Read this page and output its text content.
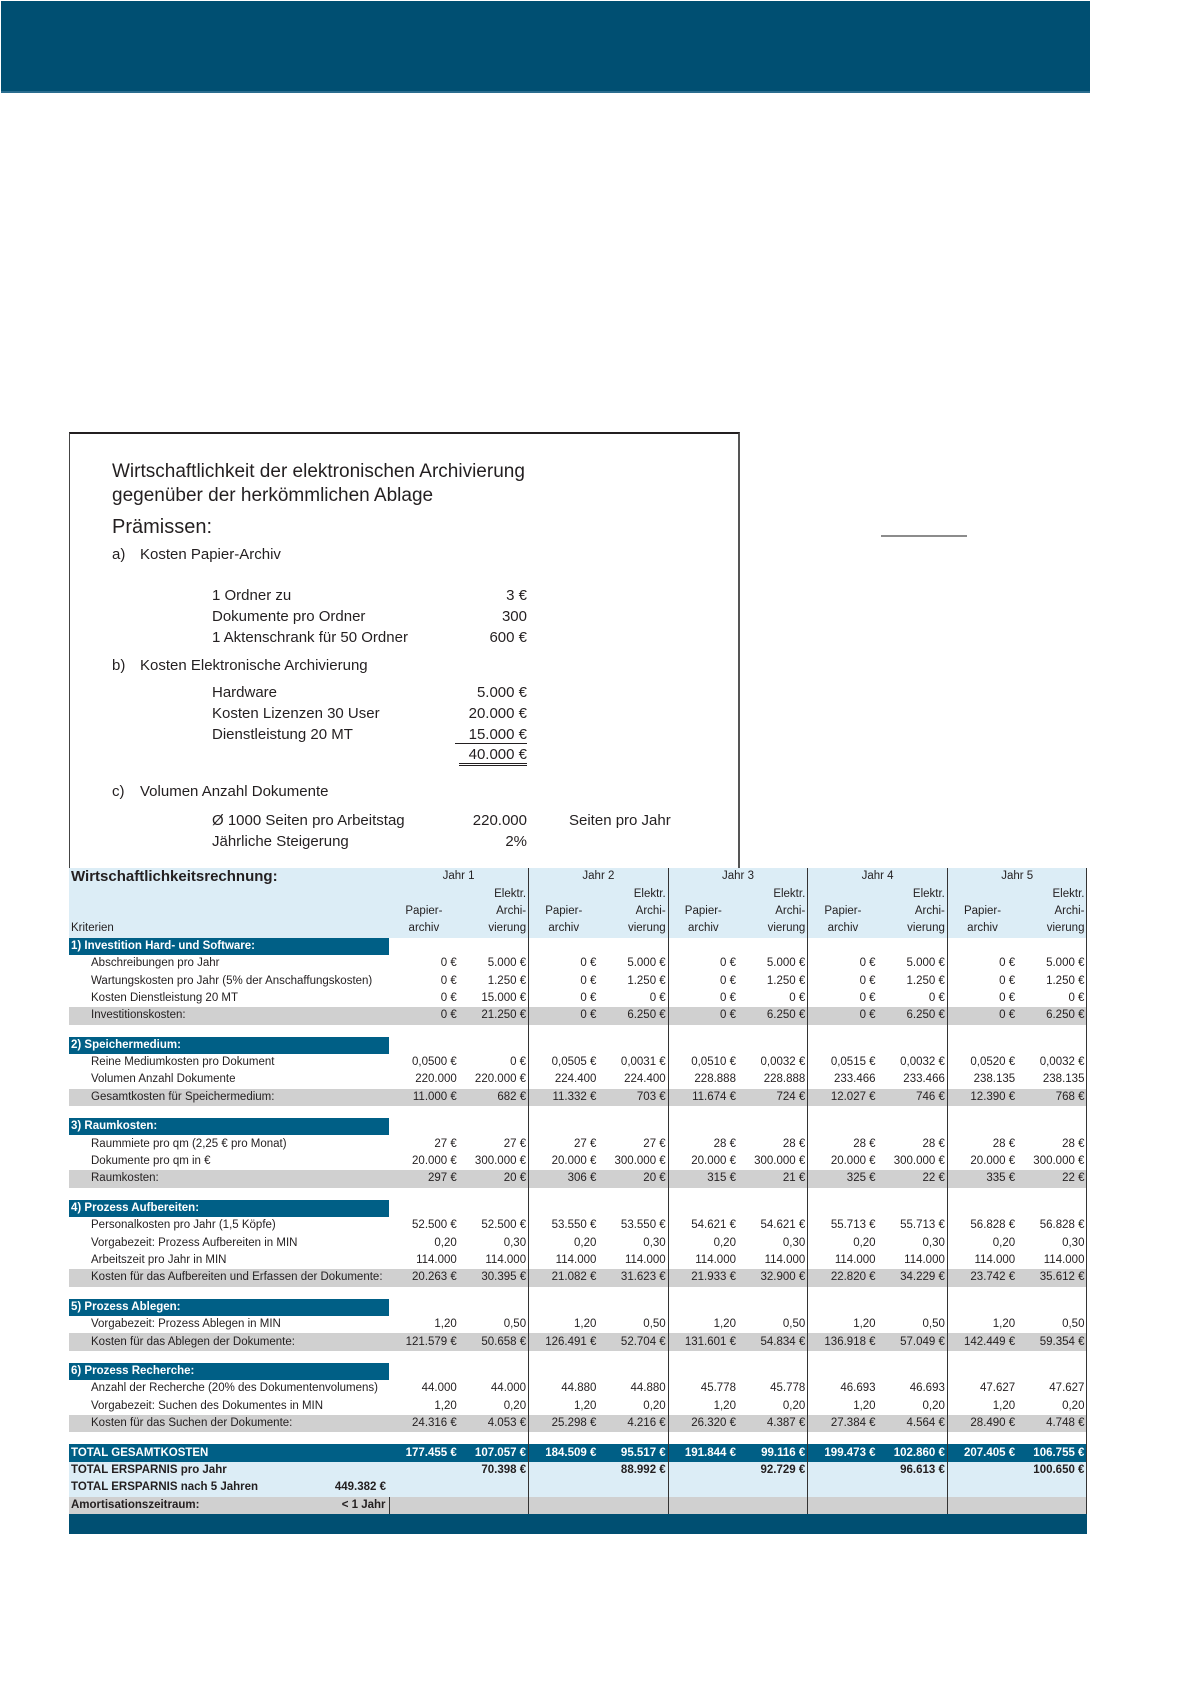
Wirtschaftlichkeit der elektronischen Archivierung
gegenüber der herkömmlichen Ablage
Prämissen:
a) Kosten Papier-Archiv
1 Ordner zu	3 €
Dokumente pro Ordner	300
1 Aktenschrank für 50 Ordner	600 €
b) Kosten Elektronische Archivierung
Hardware	5.000 €
Kosten Lizenzen 30 User	20.000 €
Dienstleistung 20 MT	15.000 €
40.000 €
c) Volumen Anzahl Dokumente
Ø 1000 Seiten pro Arbeitstag	220.000	Seiten pro Jahr
Jährliche Steigerung	2%
Wirtschaftlichkeitsrechnung:	Jahr 1		Jahr 2		Jahr 3		Jahr 4		Jahr 5	
		Elektr.		Elektr.		Elektr.		Elektr.		Elektr.
	Papier-	Archi-	Papier-	Archi-	Papier-	Archi-	Papier-	Archi-	Papier-	Archi-
Kriterien	archiv	vierung	archiv	vierung	archiv	vierung	archiv	vierung	archiv	vierung
1) Investition Hard- und Software:										
Abschreibungen pro Jahr	0 €	5.000 €	0 €	5.000 €	0 €	5.000 €	0 €	5.000 €	0 €	5.000 €
Wartungskosten pro Jahr (5% der Anschaffungskosten)	0 €	1.250 €	0 €	1.250 €	0 €	1.250 €	0 €	1.250 €	0 €	1.250 €
Kosten Dienstleistung 20 MT	0 €	15.000 €	0 €	0 €	0 €	0 €	0 €	0 €	0 €	0 €
Investitionskosten:	0 €	21.250 €	0 €	6.250 €	0 €	6.250 €	0 €	6.250 €	0 €	6.250 €

2) Speichermedium:										
Reine Mediumkosten pro Dokument	0,0500 €	0 €	0,0505 €	0,0031 €	0,0510 €	0,0032 €	0,0515 €	0,0032 €	0,0520 €	0,0032 €
Volumen Anzahl Dokumente	220.000	220.000 €	224.400	224.400	228.888	228.888	233.466	233.466	238.135	238.135
Gesamtkosten für Speichermedium:	11.000 €	682 €	11.332 €	703 €	11.674 €	724 €	12.027 €	746 €	12.390 €	768 €

3) Raumkosten:										
Raummiete pro qm (2,25 € pro Monat)	27 €	27 €	27 €	27 €	28 €	28 €	28 €	28 €	28 €	28 €
Dokumente pro qm in €	20.000 €	300.000 €	20.000 €	300.000 €	20.000 €	300.000 €	20.000 €	300.000 €	20.000 €	300.000 €
Raumkosten:	297 €	20 €	306 €	20 €	315 €	21 €	325 €	22 €	335 €	22 €

4) Prozess Aufbereiten:										
Personalkosten pro Jahr (1,5 Köpfe)	52.500 €	52.500 €	53.550 €	53.550 €	54.621 €	54.621 €	55.713 €	55.713 €	56.828 €	56.828 €
Vorgabezeit: Prozess Aufbereiten in MIN	0,20	0,30	0,20	0,30	0,20	0,30	0,20	0,30	0,20	0,30
Arbeitszeit pro Jahr in MIN	114.000	114.000	114.000	114.000	114.000	114.000	114.000	114.000	114.000	114.000
Kosten für das Aufbereiten und Erfassen der Dokumente:	20.263 €	30.395 €	21.082 €	31.623 €	21.933 €	32.900 €	22.820 €	34.229 €	23.742 €	35.612 €

5) Prozess Ablegen:										
Vorgabezeit: Prozess Ablegen in MIN	1,20	0,50	1,20	0,50	1,20	0,50	1,20	0,50	1,20	0,50
Kosten für das Ablegen der Dokumente:	121.579 €	50.658 €	126.491 €	52.704 €	131.601 €	54.834 €	136.918 €	57.049 €	142.449 €	59.354 €

6) Prozess Recherche:										
Anzahl der Recherche (20% des Dokumentenvolumens)	44.000	44.000	44.880	44.880	45.778	45.778	46.693	46.693	47.627	47.627
Vorgabezeit: Suchen des Dokumentes in MIN	1,20	0,20	1,20	0,20	1,20	0,20	1,20	0,20	1,20	0,20
Kosten für das Suchen der Dokumente:	24.316 €	4.053 €	25.298 €	4.216 €	26.320 €	4.387 €	27.384 €	4.564 €	28.490 €	4.748 €

TOTAL GESAMTKOSTEN	177.455 €	107.057 €	184.509 €	95.517 €	191.844 €	99.116 €	199.473 €	102.860 €	207.405 €	106.755 €
TOTAL ERSPARNIS pro Jahr		70.398 €		88.992 €		92.729 €		96.613 €		100.650 €
TOTAL ERSPARNIS nach 5 Jahren 449.382 €										

Amortisationszeitraum: < 1 Jahr										
